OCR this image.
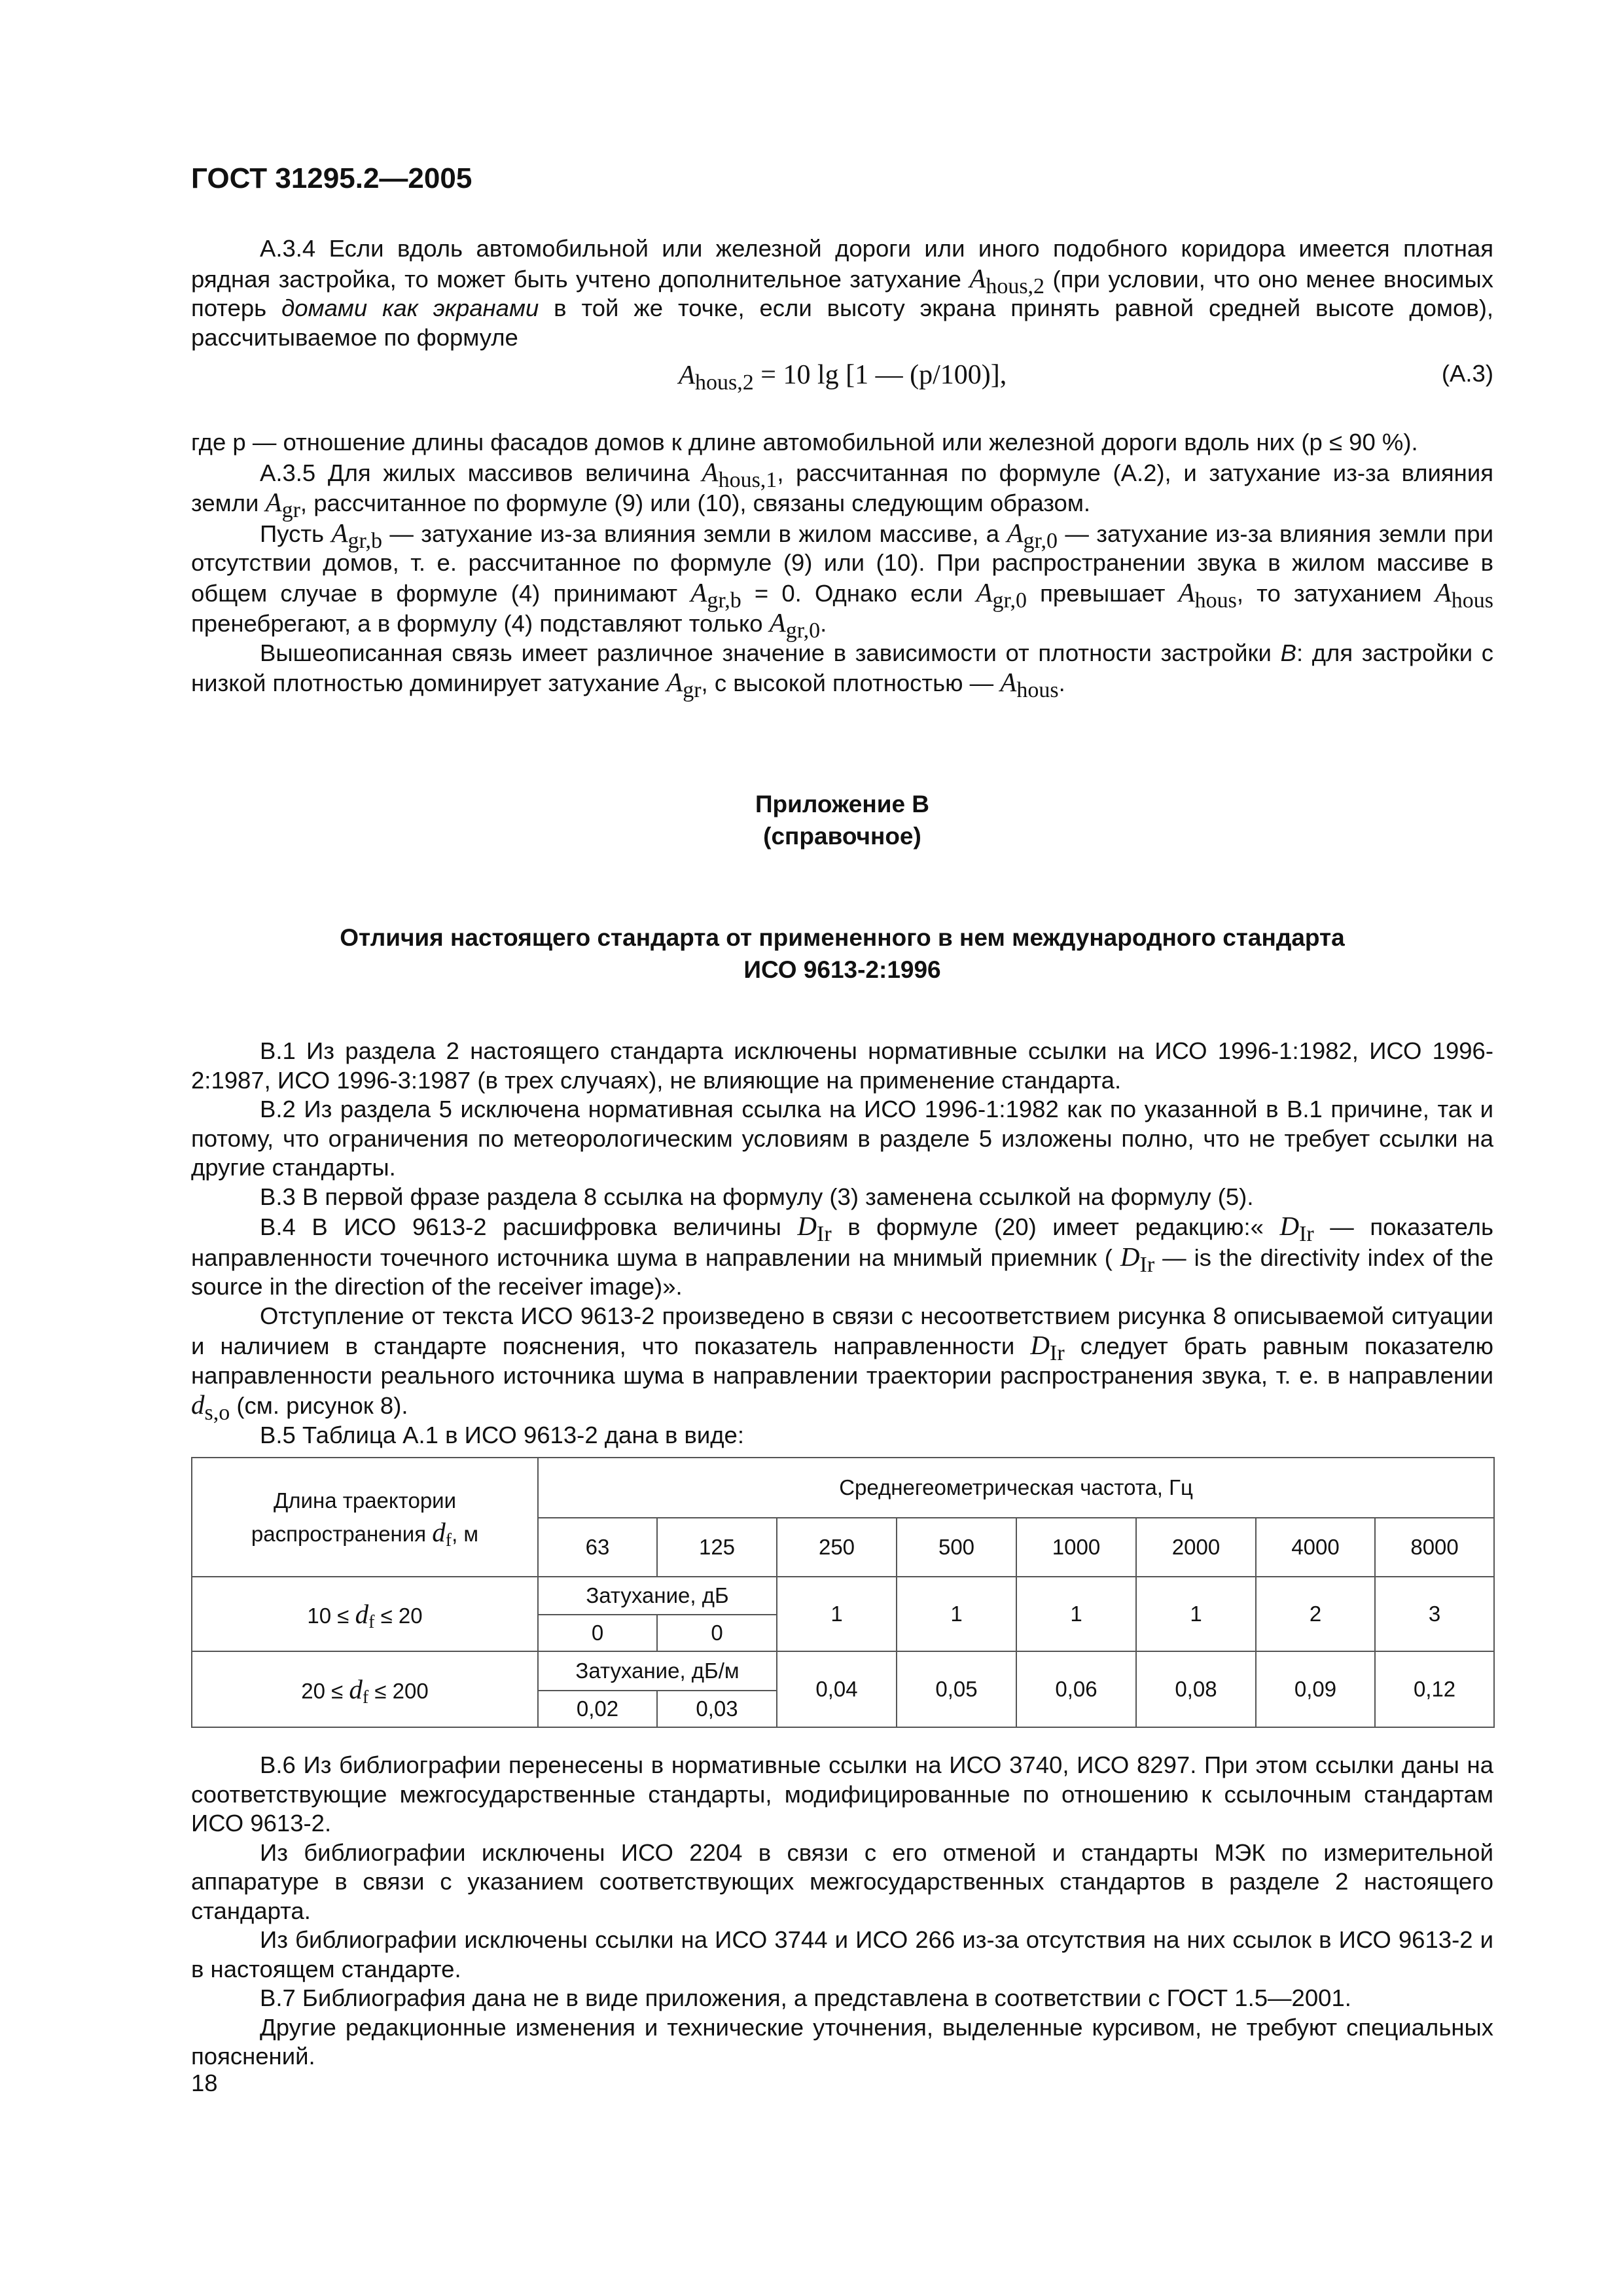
ГОСТ 31295.2—2005

А.3.4 Если вдоль автомобильной или железной дороги или иного подобного коридора имеется плотная рядная застройка, то может быть учтено дополнительное затухание Ahous,2 (при условии, что оно менее вносимых потерь домами как экранами в той же точке, если высоту экрана принять равной средней высоте домов), рассчитываемое по формуле

$A_{hous,2} = 10$ lg [1 — (p/100)],	(А.3)

где p — отношение длины фасадов домов к длине автомобильной или железной дороги вдоль них (p ≤ 90 %).

А.3.5 Для жилых массивов величина Ahous,1, рассчитанная по формуле (А.2), и затухание из-за влияния земли Agr, рассчитанное по формуле (9) или (10), связаны следующим образом.

Пусть Agr,b — затухание из-за влияния земли в жилом массиве, а Agr,0 — затухание из-за влияния земли при отсутствии домов, т. е. рассчитанное по формуле (9) или (10). При распространении звука в жилом массиве в общем случае в формуле (4) принимают Agr,b = 0. Однако если Agr,0 превышает Ahous, то затуханием Ahous пренебрегают, а в формулу (4) подставляют только Agr,0.

Вышеописанная связь имеет различное значение в зависимости от плотности застройки B: для застройки с низкой плотностью доминирует затухание Agr, с высокой плотностью — Ahous.

Приложение В
(справочное)
Отличия настоящего стандарта от примененного в нем международного стандарта
ИСО 9613-2:1996

В.1 Из раздела 2 настоящего стандарта исключены нормативные ссылки на ИСО 1996-1:1982, ИСО 1996-2:1987, ИСО 1996-3:1987 (в трех случаях), не влияющие на применение стандарта.

В.2 Из раздела 5 исключена нормативная ссылка на ИСО 1996-1:1982 как по указанной в В.1 причине, так и потому, что ограничения по метеорологическим условиям в разделе 5 изложены полно, что не требует ссылки на другие стандарты.

В.3 В первой фразе раздела 8 ссылка на формулу (3) заменена ссылкой на формулу (5).

В.4 В ИСО 9613-2 расшифровка величины DIr в формуле (20) имеет редакцию:« DIr — показатель направленности точечного источника шума в направлении на мнимый приемник ( DIr — is the directivity index of the source in the direction of the receiver image)».

Отступление от текста ИСО 9613-2 произведено в связи с несоответствием рисунка 8 описываемой ситуации и наличием в стандарте пояснения, что показатель направленности DIr следует брать равным показателю направленности реального источника шума в направлении траектории распространения звука, т. е. в направлении ds,o (см. рисунок 8).

В.5 Таблица А.1 в ИСО 9613-2 дана в виде:

Длина траектории распространения $d_f$, м	Среднегеометрическая частота, Гц							
	63	125	250	500	1000	2000	4000	8000
$10 \le d_f \le 20$	Затухание, дБ		1	1	1	1	2	3
	0	0						
$20 \le d_f \le 200$	Затухание, дБ/м		0,04	0,05	0,06	0,08	0,09	0,12
	0,02	0,03						

В.6 Из библиографии перенесены в нормативные ссылки на ИСО 3740, ИСО 8297. При этом ссылки даны на соответствующие межгосударственные стандарты, модифицированные по отношению к ссылочным стандартам ИСО 9613-2.

Из библиографии исключены ИСО 2204 в связи с его отменой и стандарты МЭК по измерительной аппаратуре в связи с указанием соответствующих межгосударственных стандартов в разделе 2 настоящего стандарта.

Из библиографии исключены ссылки на ИСО 3744 и ИСО 266 из-за отсутствия на них ссылок в ИСО 9613-2 и в настоящем стандарте.

В.7 Библиография дана не в виде приложения, а представлена в соответствии с ГОСТ 1.5—2001.

Другие редакционные изменения и технические уточнения, выделенные курсивом, не требуют специальных пояснений.

18
